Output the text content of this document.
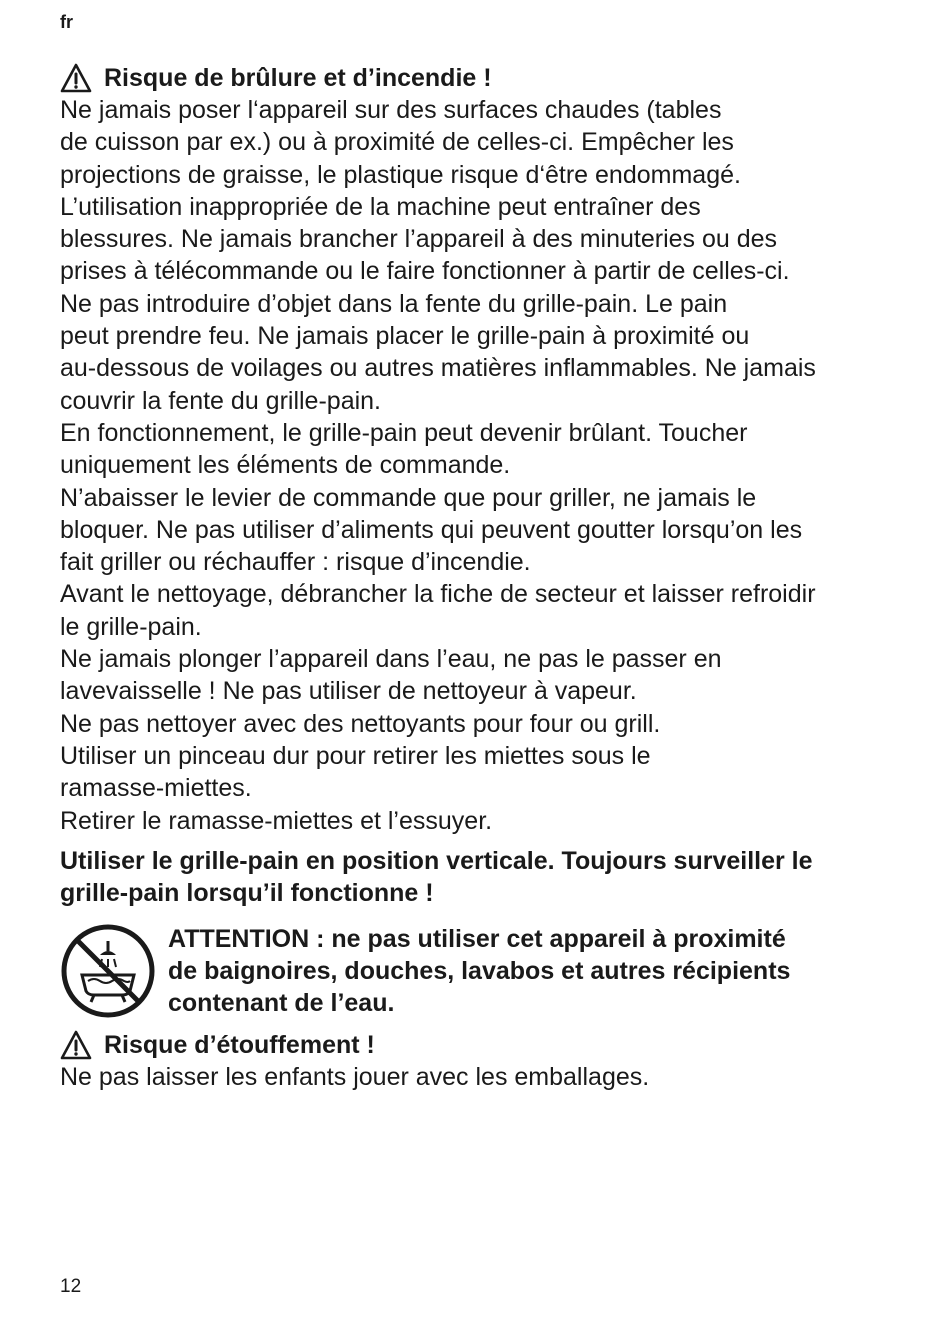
fr
Risque de brûlure et d’incendie !

Ne jamais poser l‘appareil sur des surfaces chaudes (tables
de cuisson par ex.) ou à proximité de celles-ci. Empêcher les
projections de graisse, le plastique risque d‘être endommagé.
L’utilisation inappropriée de la machine peut entraîner des
blessures. Ne jamais brancher l’appareil à des minuteries ou des
prises à télécommande ou le faire fonctionner à partir de celles-ci.
Ne pas introduire d’objet dans la fente du grille-pain. Le pain
peut prendre feu. Ne jamais placer le grille-pain à proximité ou
au-dessous de voilages ou autres matières inflammables. Ne jamais
couvrir la fente du grille-pain.
En fonctionnement, le grille-pain peut devenir brûlant. Toucher
uniquement les éléments de commande.
N’abaisser le levier de commande que pour griller, ne jamais le
bloquer. Ne pas utiliser d’aliments qui peuvent goutter lorsqu’on les
fait griller ou réchauffer : risque d’incendie.
Avant le nettoyage, débrancher la fiche de secteur et laisser refroidir
le grille-pain.
Ne jamais plonger l’appareil dans l’eau, ne pas le passer en
lavevaisselle ! Ne pas utiliser de nettoyeur à vapeur.
Ne pas nettoyer avec des nettoyants pour four ou grill.
Utiliser un pinceau dur pour retirer les miettes sous le
ramasse-miettes.
Retirer le ramasse-miettes et l’essuyer.

Utiliser le grille-pain en position verticale. Toujours surveiller le
grille-pain lorsqu’il fonctionne !

ATTENTION : ne pas utiliser cet appareil à proximité
de baignoires, douches, lavabos et autres récipients
contenant de l’eau.
Risque d’étouffement !

Ne pas laisser les enfants jouer avec les emballages.

12
